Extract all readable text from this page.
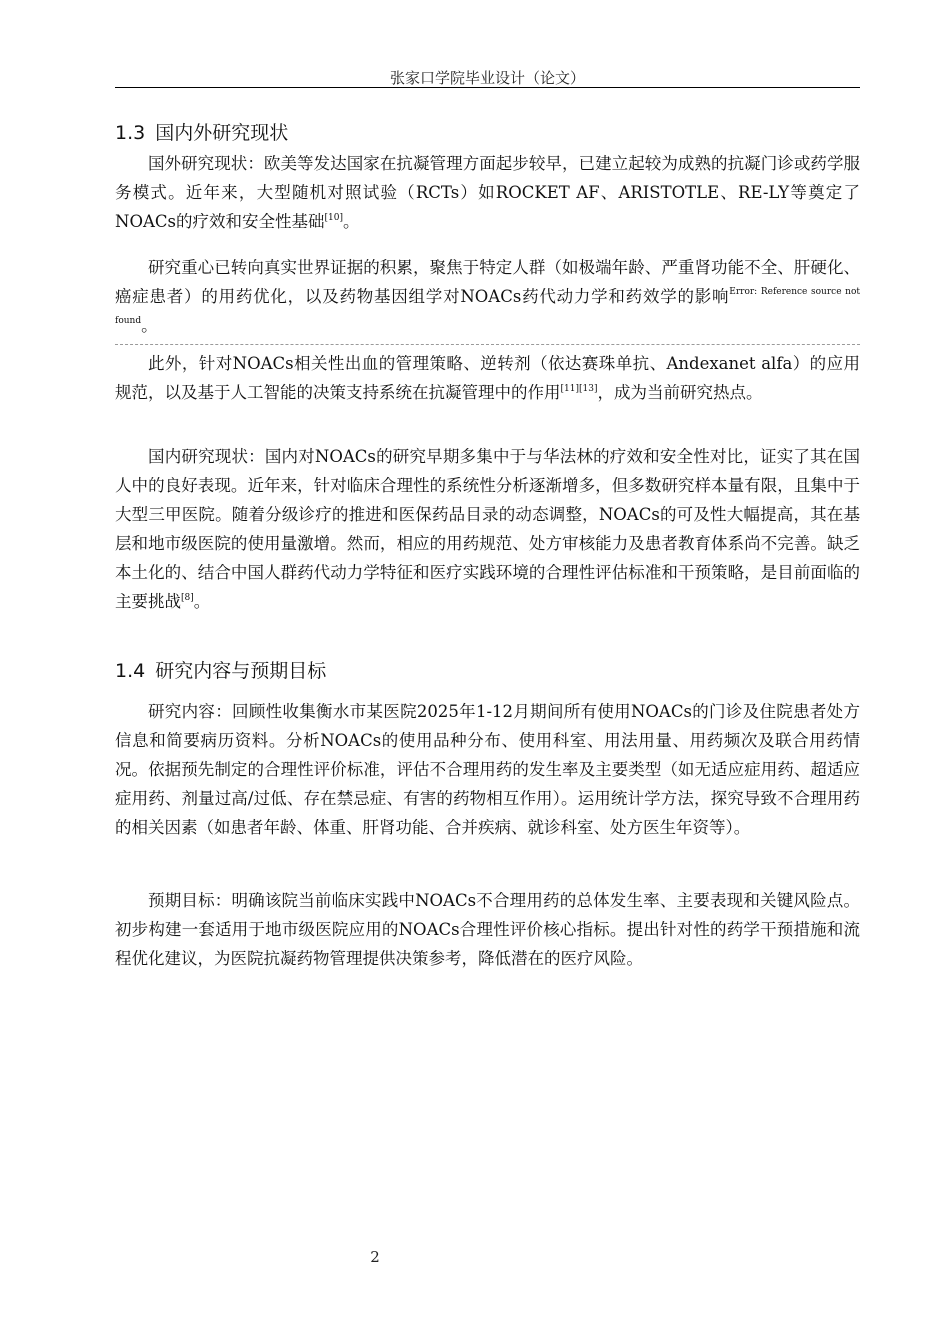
张家口学院毕业设计（论文）
1.3 国内外研究现状

国外研究现状：欧美等发达国家在抗凝管理方面起步较早，已建立起较为成熟的抗凝门诊或药学服务模式。近年来，大型随机对照试验（RCTs）如ROCKET AF、ARISTOTLE、RE-LY等奠定了NOACs的疗效和安全性基础[10]。

研究重心已转向真实世界证据的积累，聚焦于特定人群（如极端年龄、严重肾功能不全、肝硬化、癌症患者）的用药优化，以及药物基因组学对NOACs药代动力学和药效学的影响$^{Error: Reference source not found}$。

此外，针对NOACs相关性出血的管理策略、逆转剂（依达赛珠单抗、Andexanet alfa）的应用规范，以及基于人工智能的决策支持系统在抗凝管理中的作用[11][13]，成为当前研究热点。

国内研究现状：国内对NOACs的研究早期多集中于与华法林的疗效和安全性对比，证实了其在国人中的良好表现。近年来，针对临床合理性的系统性分析逐渐增多，但多数研究样本量有限，且集中于大型三甲医院。随着分级诊疗的推进和医保药品目录的动态调整，NOACs的可及性大幅提高，其在基层和地市级医院的使用量激增。然而，相应的用药规范、处方审核能力及患者教育体系尚不完善。缺乏本土化的、结合中国人群药代动力学特征和医疗实践环境的合理性评估标准和干预策略，是目前面临的主要挑战[8]。

1.4 研究内容与预期目标

研究内容：回顾性收集衡水市某医院2025年1-12月期间所有使用NOACs的门诊及住院患者处方信息和简要病历资料。分析NOACs的使用品种分布、使用科室、用法用量、用药频次及联合用药情况。依据预先制定的合理性评价标准，评估不合理用药的发生率及主要类型（如无适应症用药、超适应症用药、剂量过高/过低、存在禁忌症、有害的药物相互作用）。运用统计学方法，探究导致不合理用药的相关因素（如患者年龄、体重、肝肾功能、合并疾病、就诊科室、处方医生年资等）。

预期目标：明确该院当前临床实践中NOACs不合理用药的总体发生率、主要表现和关键风险点。初步构建一套适用于地市级医院应用的NOACs合理性评价核心指标。提出针对性的药学干预措施和流程优化建议，为医院抗凝药物管理提供决策参考，降低潜在的医疗风险。

2
